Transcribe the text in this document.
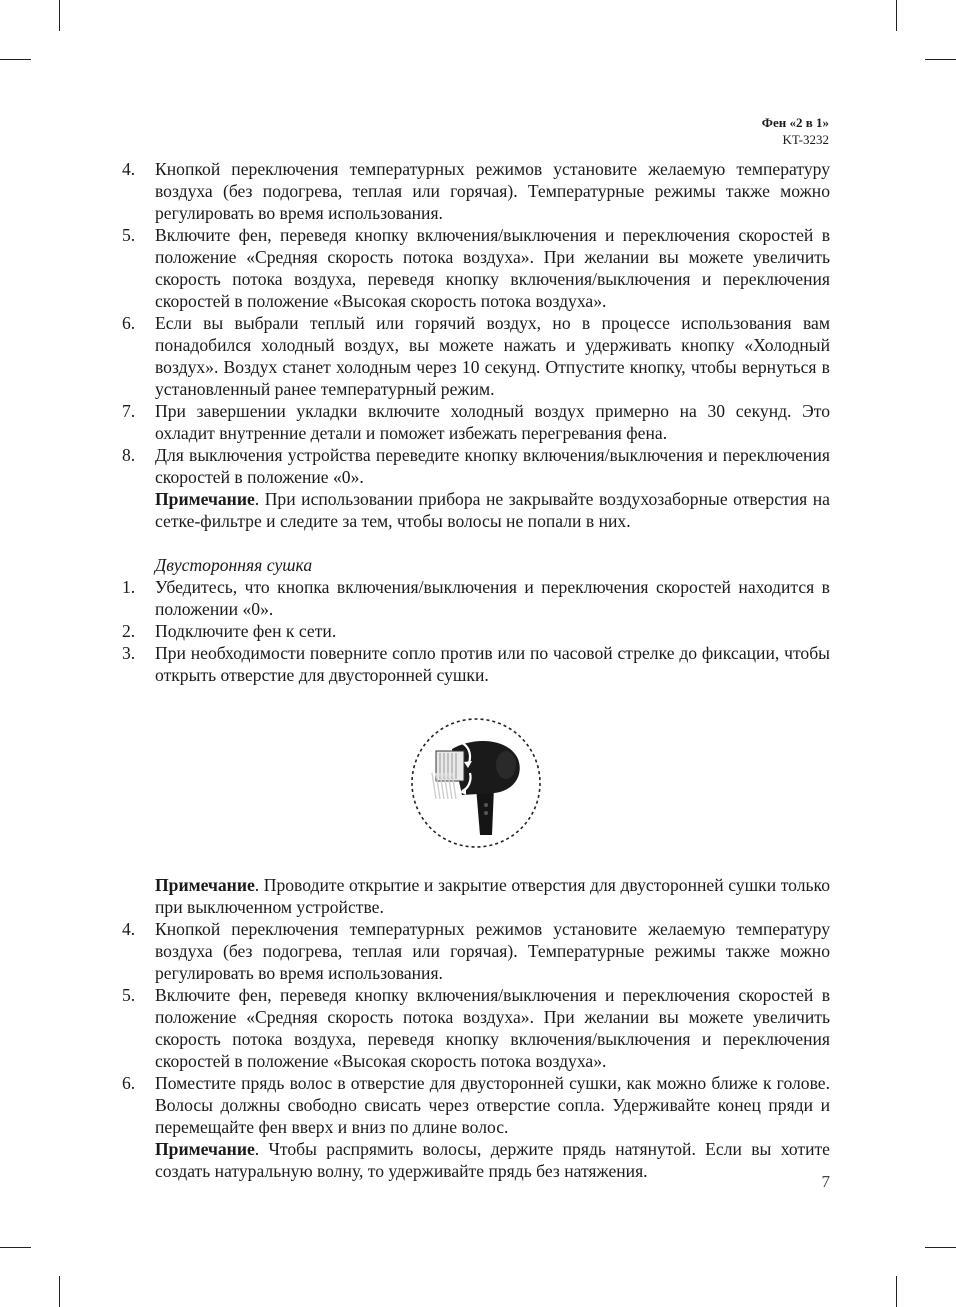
Фен «2 в 1»
KT-3232
4.	Кнопкой переключения температурных режимов установите желаемую температуру воздуха (без подогрева, теплая или горячая). Температурные режимы также можно регулировать во время использования.
5.	Включите фен, переведя кнопку включения/выключения и переключения скоростей в положение «Средняя скорость потока воздуха». При желании вы можете увеличить скорость потока воздуха, переведя кнопку включения/выключения и переключения скоростей в положение «Высокая скорость потока воздуха».
6.	Если вы выбрали теплый или горячий воздух, но в процессе использования вам понадобился холодный воздух, вы можете нажать и удерживать кнопку «Холодный воздух». Воздух станет холодным через 10 секунд. Отпустите кнопку, чтобы вернуться в установленный ранее температурный режим.
7.	При завершении укладки включите холодный воздух примерно на 30 секунд. Это охладит внутренние детали и поможет избежать перегревания фена.
8.	Для выключения устройства переведите кнопку включения/выключения и переключения скоростей в положение «0».
Примечание. При использовании прибора не закрывайте воздухозаборные отверстия на сетке-фильтре и следите за тем, чтобы волосы не попали в них.
Двусторонняя сушка
1.	Убедитесь, что кнопка включения/выключения и переключения скоростей находится в положении «0».
2.	Подключите фен к сети.
3.	При необходимости поверните сопло против или по часовой стрелке до фиксации, чтобы открыть отверстие для двусторонней сушки.
Примечание. Проводите открытие и закрытие отверстия для двусторонней сушки только при выключенном устройстве.
4.	Кнопкой переключения температурных режимов установите желаемую температуру воздуха (без подогрева, теплая или горячая). Температурные режимы также можно регулировать во время использования.
5.	Включите фен, переведя кнопку включения/выключения и переключения скоростей в положение «Средняя скорость потока воздуха». При желании вы можете увеличить скорость потока воздуха, переведя кнопку включения/выключения и переключения скоростей в положение «Высокая скорость потока воздуха».
6.	Поместите прядь волос в отверстие для двусторонней сушки, как можно ближе к голове. Волосы должны свободно свисать через отверстие сопла. Удерживайте конец пряди и перемещайте фен вверх и вниз по длине волос.
Примечание. Чтобы распрямить волосы, держите прядь натянутой. Если вы хотите создать натуральную волну, то удерживайте прядь без натяжения.
7
